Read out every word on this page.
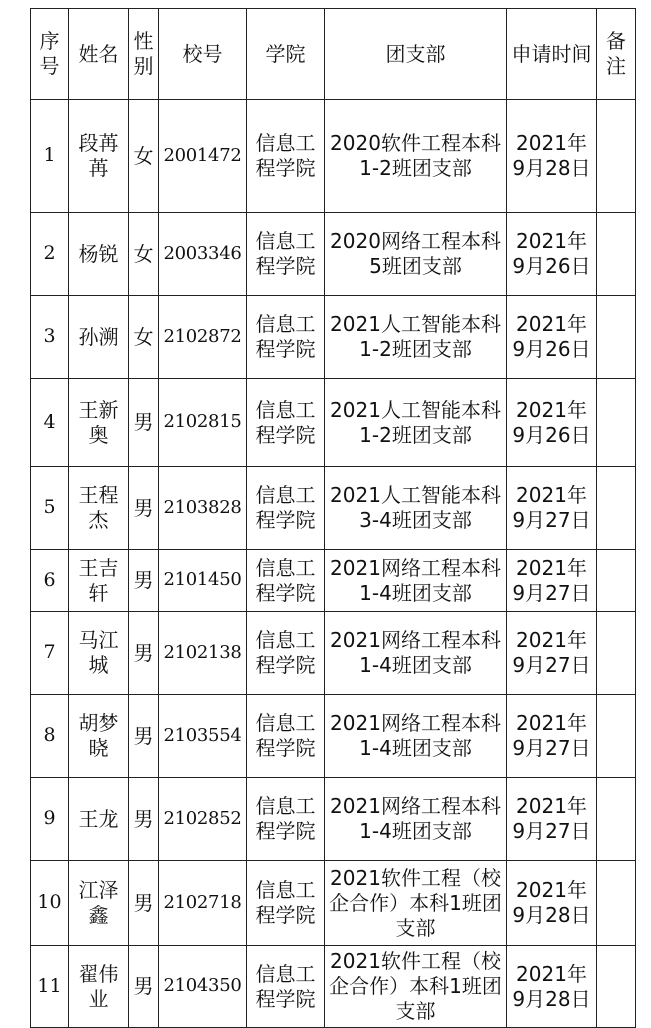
序号	姓名	性别	校号	学院	团支部	申请时间	备注

1	段苒苒	女	2001472	信息工程学院	2020软件工程本科1-2班团支部	2021年9月28日	

2	杨锐	女	2003346	信息工程学院	2020网络工程本科5班团支部	2021年9月26日	

3	孙溯	女	2102872	信息工程学院	2021人工智能本科1-2班团支部	2021年9月26日	

4	王新奥	男	2102815	信息工程学院	2021人工智能本科1-2班团支部	2021年9月26日	

5	王程杰	男	2103828	信息工程学院	2021人工智能本科3-4班团支部	2021年9月27日	

6	王吉轩	男	2101450	信息工程学院	2021网络工程本科1-4班团支部	2021年9月27日	

7	马江城	男	2102138	信息工程学院	2021网络工程本科1-4班团支部	2021年9月27日	

8	胡梦晓	男	2103554	信息工程学院	2021网络工程本科1-4班团支部	2021年9月27日	

9	王龙	男	2102852	信息工程学院	2021网络工程本科1-4班团支部	2021年9月27日	

10	江泽鑫	男	2102718	信息工程学院	2021软件工程（校企合作）本科1班团支部	2021年9月28日	

11	翟伟业	男	2104350	信息工程学院	2021软件工程（校企合作）本科1班团支部	2021年9月28日	
